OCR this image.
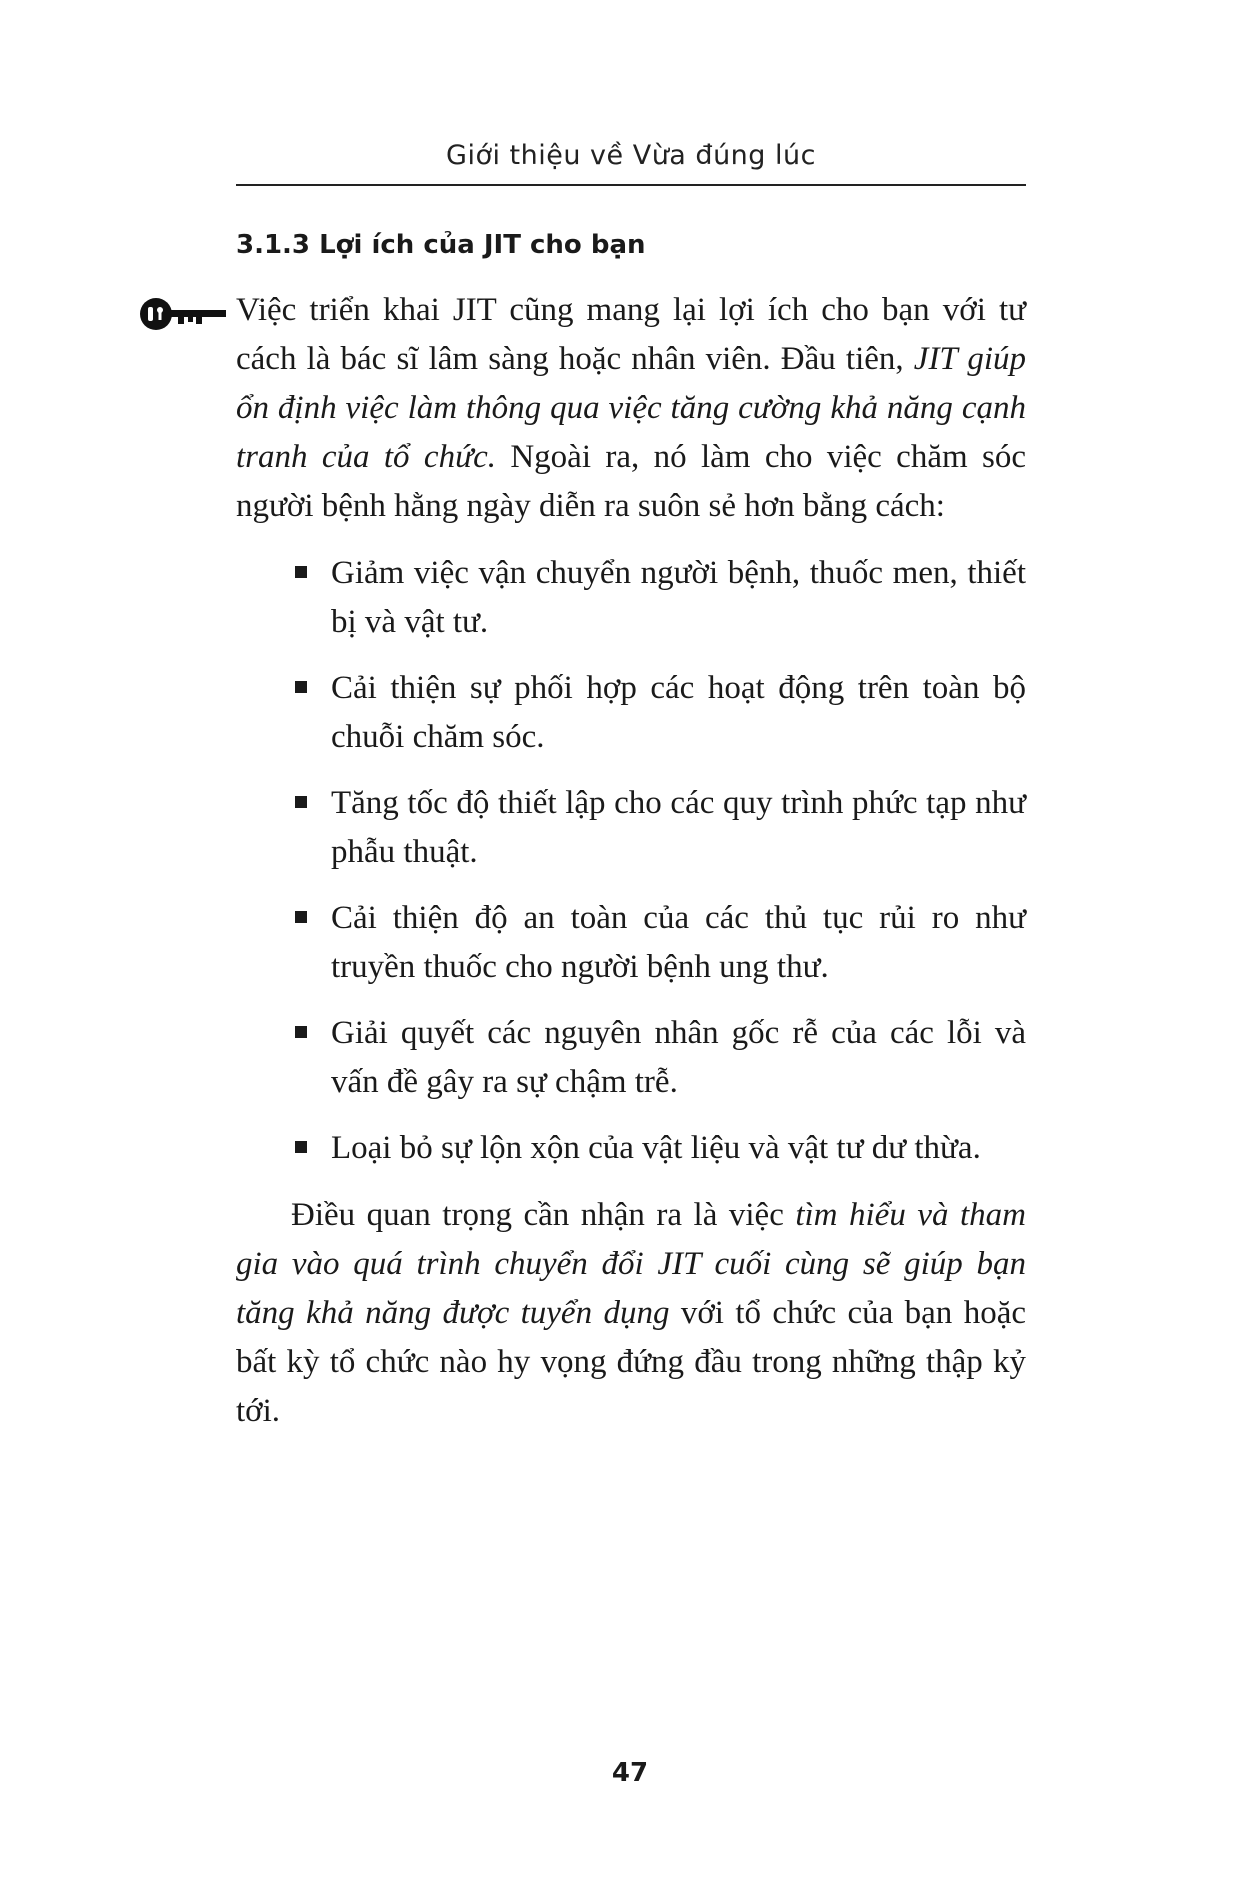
Giới thiệu về Vừa đúng lúc
3.1.3 Lợi ích của JIT cho bạn

Việc triển khai JIT cũng mang lại lợi ích cho bạn với tư cách là bác sĩ lâm sàng hoặc nhân viên. Đầu tiên, JIT giúp ổn định việc làm thông qua việc tăng cường khả năng cạnh tranh của tổ chức. Ngoài ra, nó làm cho việc chăm sóc người bệnh hằng ngày diễn ra suôn sẻ hơn bằng cách:

Giảm việc vận chuyển người bệnh, thuốc men, thiết bị và vật tư.
Cải thiện sự phối hợp các hoạt động trên toàn bộ chuỗi chăm sóc.
Tăng tốc độ thiết lập cho các quy trình phức tạp như phẫu thuật.
Cải thiện độ an toàn của các thủ tục rủi ro như truyền thuốc cho người bệnh ung thư.
Giải quyết các nguyên nhân gốc rễ của các lỗi và vấn đề gây ra sự chậm trễ.
Loại bỏ sự lộn xộn của vật liệu và vật tư dư thừa.

Điều quan trọng cần nhận ra là việc tìm hiểu và tham gia vào quá trình chuyển đổi JIT cuối cùng sẽ giúp bạn tăng khả năng được tuyển dụng với tổ chức của bạn hoặc bất kỳ tổ chức nào hy vọng đứng đầu trong những thập kỷ tới.

47
